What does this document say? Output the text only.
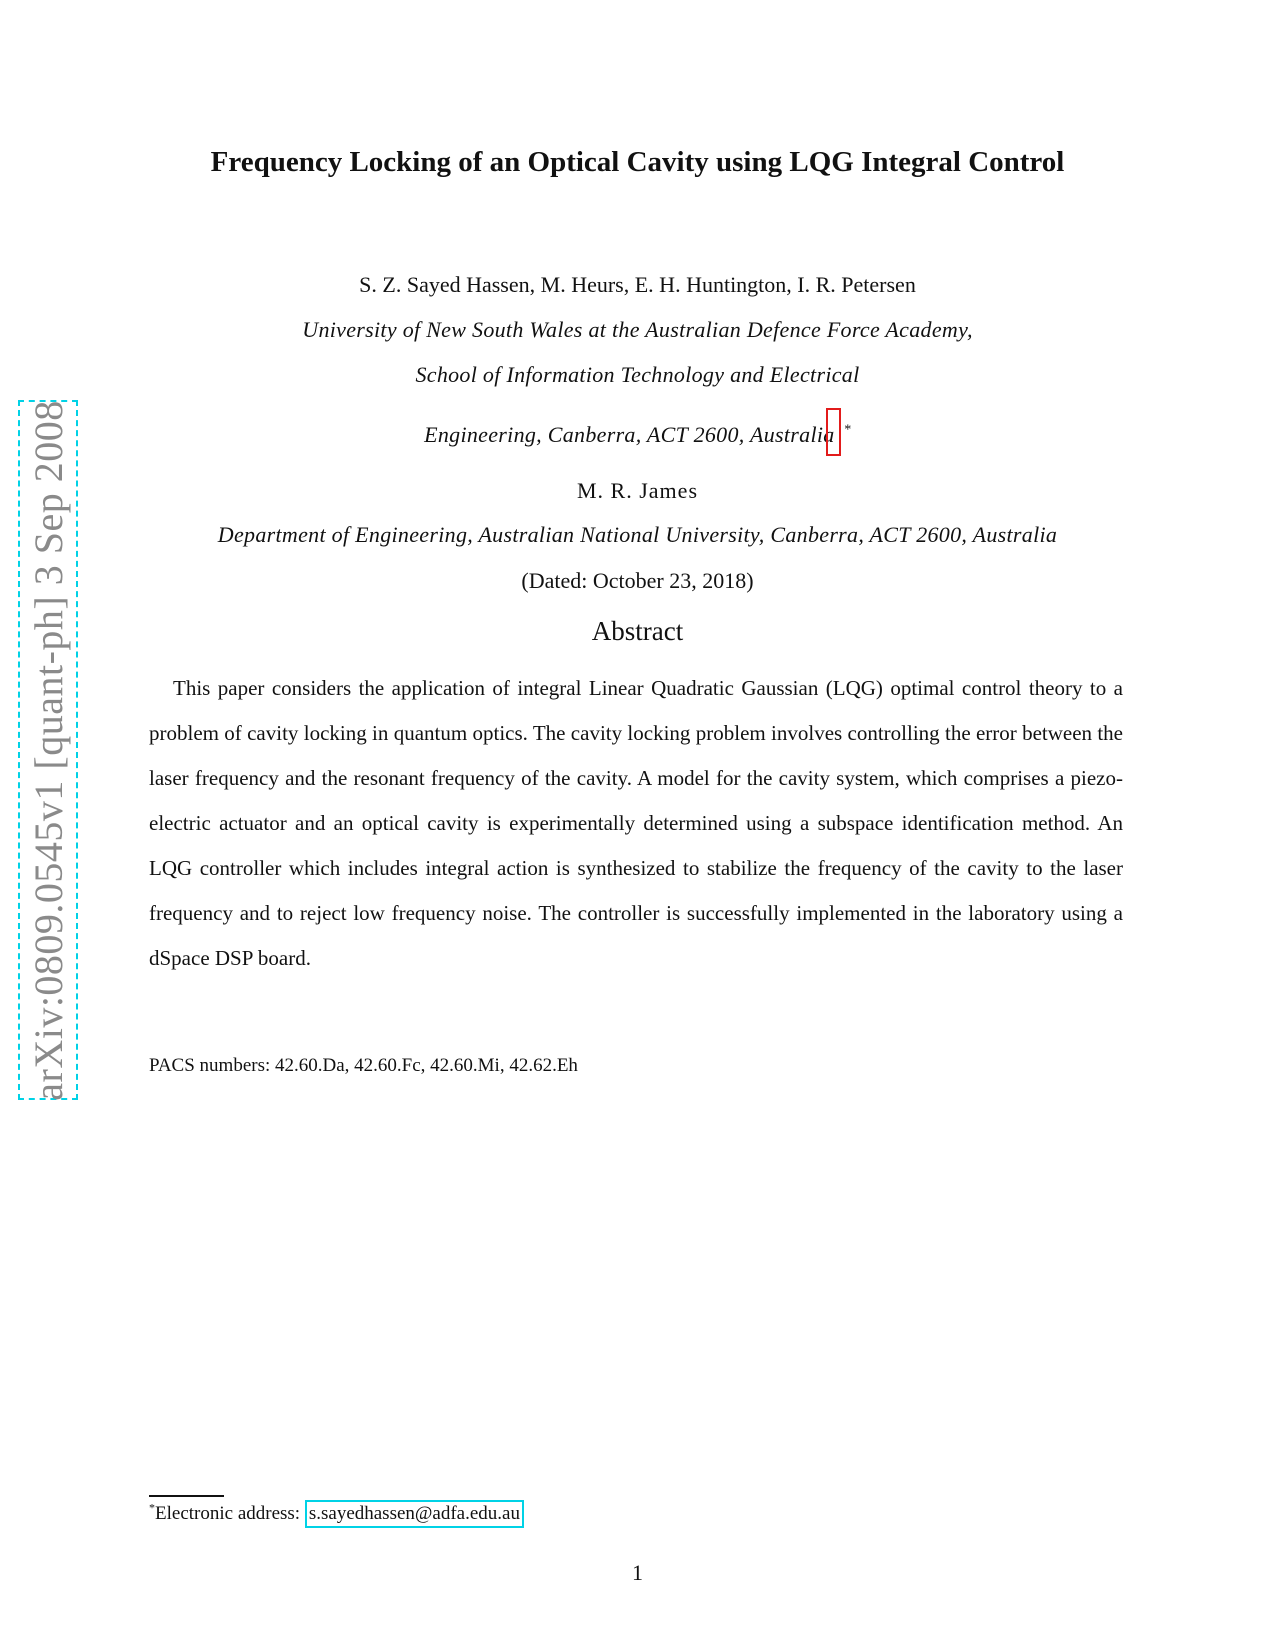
arXiv:0809.0545v1 [quant-ph] 3 Sep 2008
Frequency Locking of an Optical Cavity using LQG Integral Control
S. Z. Sayed Hassen, M. Heurs, E. H. Huntington, I. R. Petersen
University of New South Wales at the Australian Defence Force Academy,
School of Information Technology and Electrical
Engineering, Canberra, ACT 2600, Australia *
M. R. James
Department of Engineering, Australian National University, Canberra, ACT 2600, Australia
(Dated: October 23, 2018)
Abstract
This paper considers the application of integral Linear Quadratic Gaussian (LQG) optimal control theory to a problem of cavity locking in quantum optics. The cavity locking problem involves controlling the error between the laser frequency and the resonant frequency of the cavity. A model for the cavity system, which comprises a piezo-electric actuator and an optical cavity is experimentally determined using a subspace identification method. An LQG controller which includes integral action is synthesized to stabilize the frequency of the cavity to the laser frequency and to reject low frequency noise. The controller is successfully implemented in the laboratory using a dSpace DSP board.
PACS numbers: 42.60.Da, 42.60.Fc, 42.60.Mi, 42.62.Eh
*Electronic address: s.sayedhassen@adfa.edu.au
1
